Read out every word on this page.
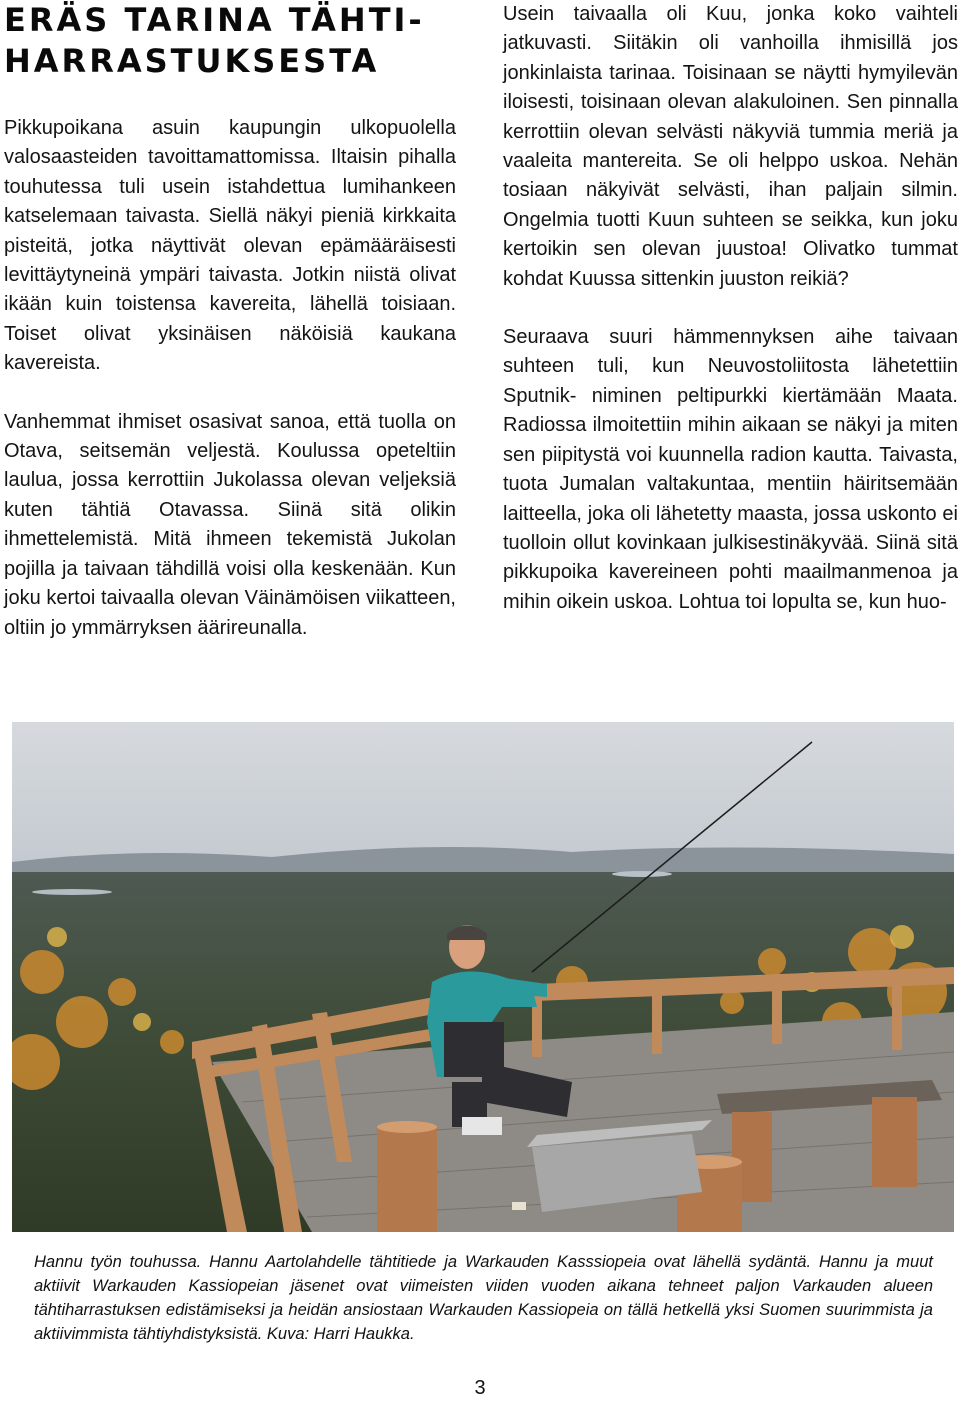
ERÄS TARINA TÄHTI-HARRASTUKSESTA

Pikkupoikana asuin kaupungin ulkopuolella valosaasteiden tavoittamattomissa. Iltaisin pihalla touhutessa tuli usein istahdettua lumihankeen katselemaan taivasta. Siellä näkyi pieniä kirkkaita pisteitä, jotka näyttivät olevan epämääräisesti levittäytyneinä ympäri taivasta. Jotkin niistä olivat ikään kuin toistensa kavereita, lähellä toisiaan. Toiset olivat yksinäisen näköisiä kaukana kavereista.

Vanhemmat ihmiset osasivat sanoa, että tuolla on Otava, seitsemän veljestä. Koulussa opeteltiin laulua, jossa kerrottiin Jukolassa olevan veljeksiä kuten tähtiä Otavassa. Siinä sitä olikin ihmettelemistä. Mitä ihmeen tekemistä Jukolan pojilla ja taivaan tähdillä voisi olla keskenään. Kun joku kertoi taivaalla olevan Väinämöisen viikatteen, oltiin jo ymmärryksen äärireunalla.

Usein taivaalla oli Kuu, jonka koko vaihteli jatkuvasti. Siitäkin oli vanhoilla ihmisillä jos jonkinlaista tarinaa. Toisinaan se näytti hymyilevän iloisesti, toisinaan olevan alakuloinen. Sen pinnalla kerrottiin olevan selvästi näkyviä tummia meriä ja vaaleita mantereita. Se oli helppo uskoa. Nehän tosiaan näkyivät selvästi, ihan paljain silmin. Ongelmia tuotti Kuun suhteen se seikka, kun joku kertoikin sen olevan juustoa! Olivatko tummat kohdat Kuussa sittenkin juuston reikiä?

Seuraava suuri hämmennyksen aihe taivaan suhteen tuli, kun Neuvostoliitosta lähetettiin Sputnik- niminen peltipurkki kiertämään Maata. Radiossa ilmoitettiin mihin aikaan se näkyi ja miten sen piipitystä voi kuunnella radion kautta. Taivasta, tuota Jumalan valtakuntaa, mentiin häiritsemään laitteella, joka oli lähetetty maasta, jossa uskonto ei tuolloin ollut kovinkaan julkisestinäkyvää. Siinä sitä pikkupoika kavereineen pohti maailmanmenoa ja mihin oikein uskoa. Lohtua toi lopulta se, kun huo-

Hannu työn touhussa. Hannu Aartolahdelle tähtitiede ja Warkauden Kasssiopeia ovat lähellä sydäntä. Hannu ja muut aktiivit Warkauden Kassiopeian jäsenet ovat viimeisten viiden vuoden aikana tehneet paljon Varkauden alueen tähtiharrastuksen edistämiseksi ja heidän ansiostaan Warkauden Kassiopeia on tällä hetkellä yksi Suomen suurimmista ja aktiivimmista tähtiyhdistyksistä. Kuva: Harri Haukka.

3
